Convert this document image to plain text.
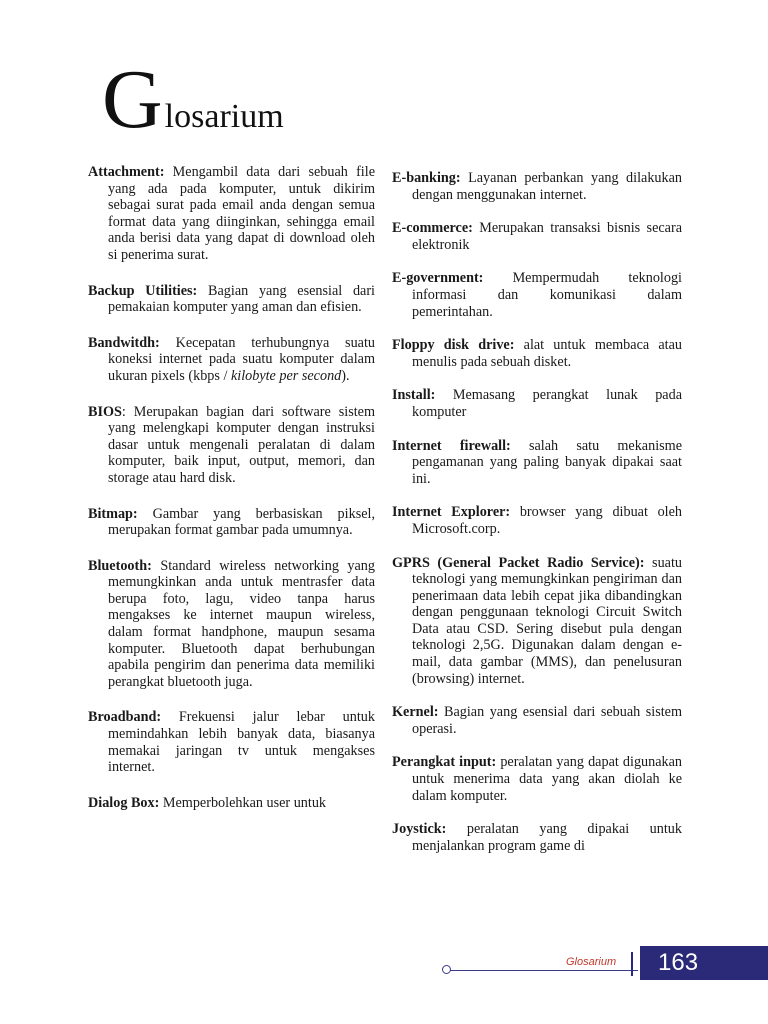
Glosarium

Attachment: Mengambil data dari sebuah file yang ada pada komputer, untuk dikirim sebagai surat pada email anda dengan semua format data yang diinginkan, sehingga email anda berisi data yang dapat di download oleh si penerima surat.

Backup Utilities: Bagian yang esensial dari pemakaian komputer yang aman dan efisien.

Bandwitdh: Kecepatan terhubungnya suatu koneksi internet pada suatu komputer dalam ukuran pixels (kbps / kilobyte per second).

BIOS: Merupakan bagian dari software sistem yang melengkapi komputer dengan instruksi dasar untuk mengenali peralatan di dalam komputer, baik input, output, memori, dan storage atau hard disk.

Bitmap: Gambar yang berbasiskan piksel, merupakan format gambar pada umumnya.

Bluetooth: Standard wireless networking yang memungkinkan anda untuk mentrasfer data berupa foto, lagu, video tanpa harus mengakses ke internet maupun wireless, dalam format handphone, maupun sesama komputer. Bluetooth dapat berhubungan apabila pengirim dan penerima data memiliki perangkat bluetooth juga.

Broadband: Frekuensi jalur lebar untuk memindahkan lebih banyak data, biasanya memakai jaringan tv untuk mengakses internet.

Dialog Box: Memperbolehkan user untuk

E-banking: Layanan perbankan yang dilakukan dengan menggunakan internet.

E-commerce: Merupakan transaksi bisnis secara elektronik

E-government: Mempermudah teknologi informasi dan komunikasi dalam pemerintahan.

Floppy disk drive: alat untuk membaca atau menulis pada sebuah disket.

Install: Memasang perangkat lunak pada komputer

Internet firewall: salah satu mekanisme pengamanan yang paling banyak dipakai saat ini.

Internet Explorer: browser yang dibuat oleh Microsoft.corp.

GPRS (General Packet Radio Service): suatu teknologi yang memungkinkan pengiriman dan penerimaan data lebih cepat jika dibandingkan dengan penggunaan teknologi Circuit Switch Data atau CSD. Sering disebut pula dengan teknologi 2,5G. Digunakan dalam dengan e-mail, data gambar (MMS), dan penelusuran (browsing) internet.

Kernel: Bagian yang esensial dari sebuah sistem operasi.

Perangkat input: peralatan yang dapat digunakan untuk menerima data yang akan diolah ke dalam komputer.

Joystick: peralatan yang dipakai untuk menjalankan program game di

Glosarium	163
